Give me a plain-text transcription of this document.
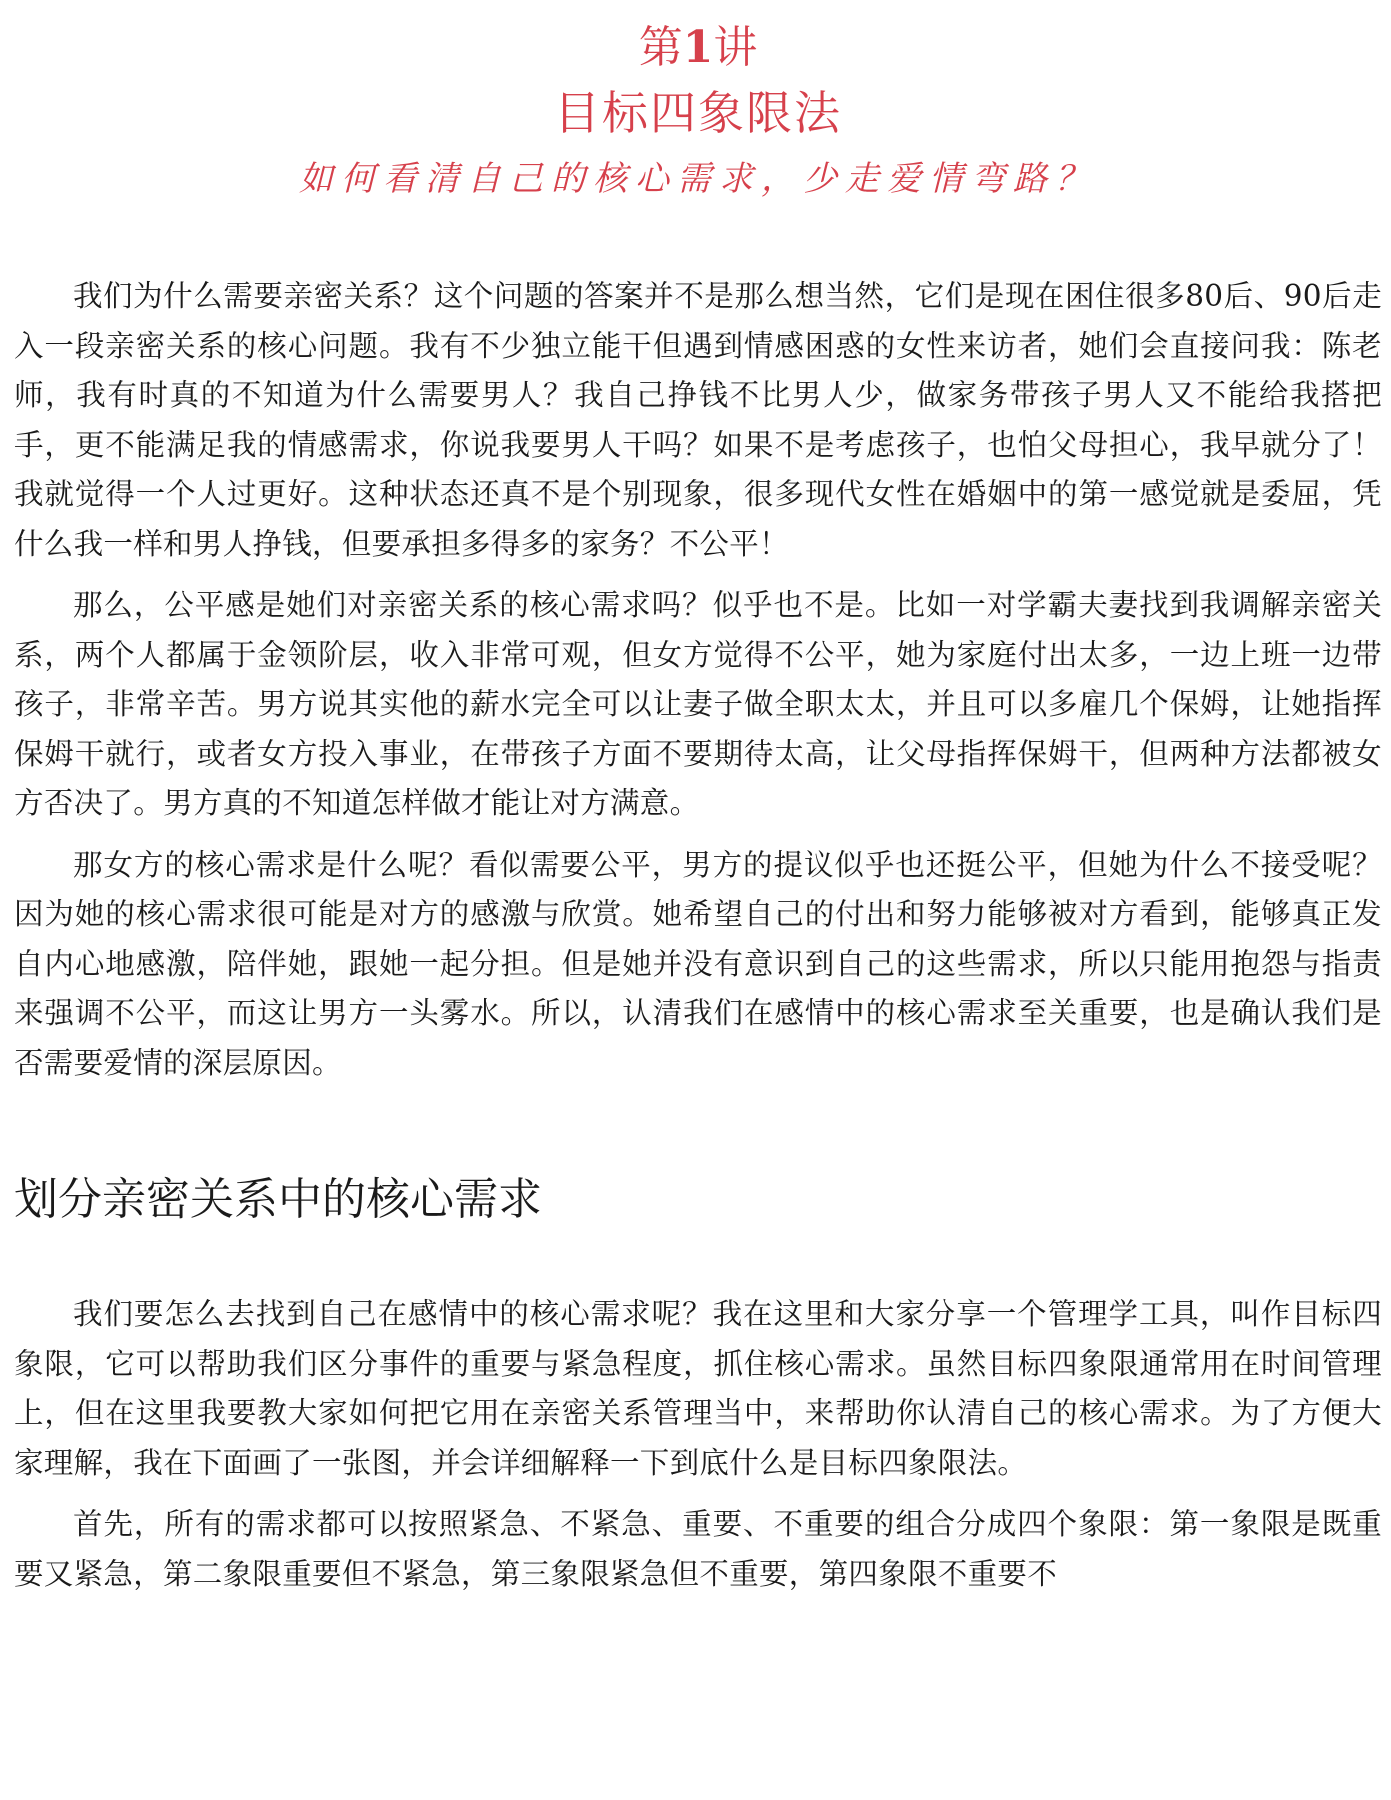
第1讲
目标四象限法
如何看清自己的核心需求，少走爱情弯路？

我们为什么需要亲密关系？这个问题的答案并不是那么想当然，它们是现在困住很多80后、90后走入一段亲密关系的核心问题。我有不少独立能干但遇到情感困惑的女性来访者，她们会直接问我：陈老师，我有时真的不知道为什么需要男人？我自己挣钱不比男人少，做家务带孩子男人又不能给我搭把手，更不能满足我的情感需求，你说我要男人干吗？如果不是考虑孩子，也怕父母担心，我早就分了！我就觉得一个人过更好。这种状态还真不是个别现象，很多现代女性在婚姻中的第一感觉就是委屈，凭什么我一样和男人挣钱，但要承担多得多的家务？不公平！

那么，公平感是她们对亲密关系的核心需求吗？似乎也不是。比如一对学霸夫妻找到我调解亲密关系，两个人都属于金领阶层，收入非常可观，但女方觉得不公平，她为家庭付出太多，一边上班一边带孩子，非常辛苦。男方说其实他的薪水完全可以让妻子做全职太太，并且可以多雇几个保姆，让她指挥保姆干就行，或者女方投入事业，在带孩子方面不要期待太高，让父母指挥保姆干，但两种方法都被女方否决了。男方真的不知道怎样做才能让对方满意。

那女方的核心需求是什么呢？看似需要公平，男方的提议似乎也还挺公平，但她为什么不接受呢？因为她的核心需求很可能是对方的感激与欣赏。她希望自己的付出和努力能够被对方看到，能够真正发自内心地感激，陪伴她，跟她一起分担。但是她并没有意识到自己的这些需求，所以只能用抱怨与指责来强调不公平，而这让男方一头雾水。所以，认清我们在感情中的核心需求至关重要，也是确认我们是否需要爱情的深层原因。

划分亲密关系中的核心需求

我们要怎么去找到自己在感情中的核心需求呢？我在这里和大家分享一个管理学工具，叫作目标四象限，它可以帮助我们区分事件的重要与紧急程度，抓住核心需求。虽然目标四象限通常用在时间管理上，但在这里我要教大家如何把它用在亲密关系管理当中，来帮助你认清自己的核心需求。为了方便大家理解，我在下面画了一张图，并会详细解释一下到底什么是目标四象限法。

首先，所有的需求都可以按照紧急、不紧急、重要、不重要的组合分成四个象限：第一象限是既重要又紧急，第二象限重要但不紧急，第三象限紧急但不重要，第四象限不重要不
